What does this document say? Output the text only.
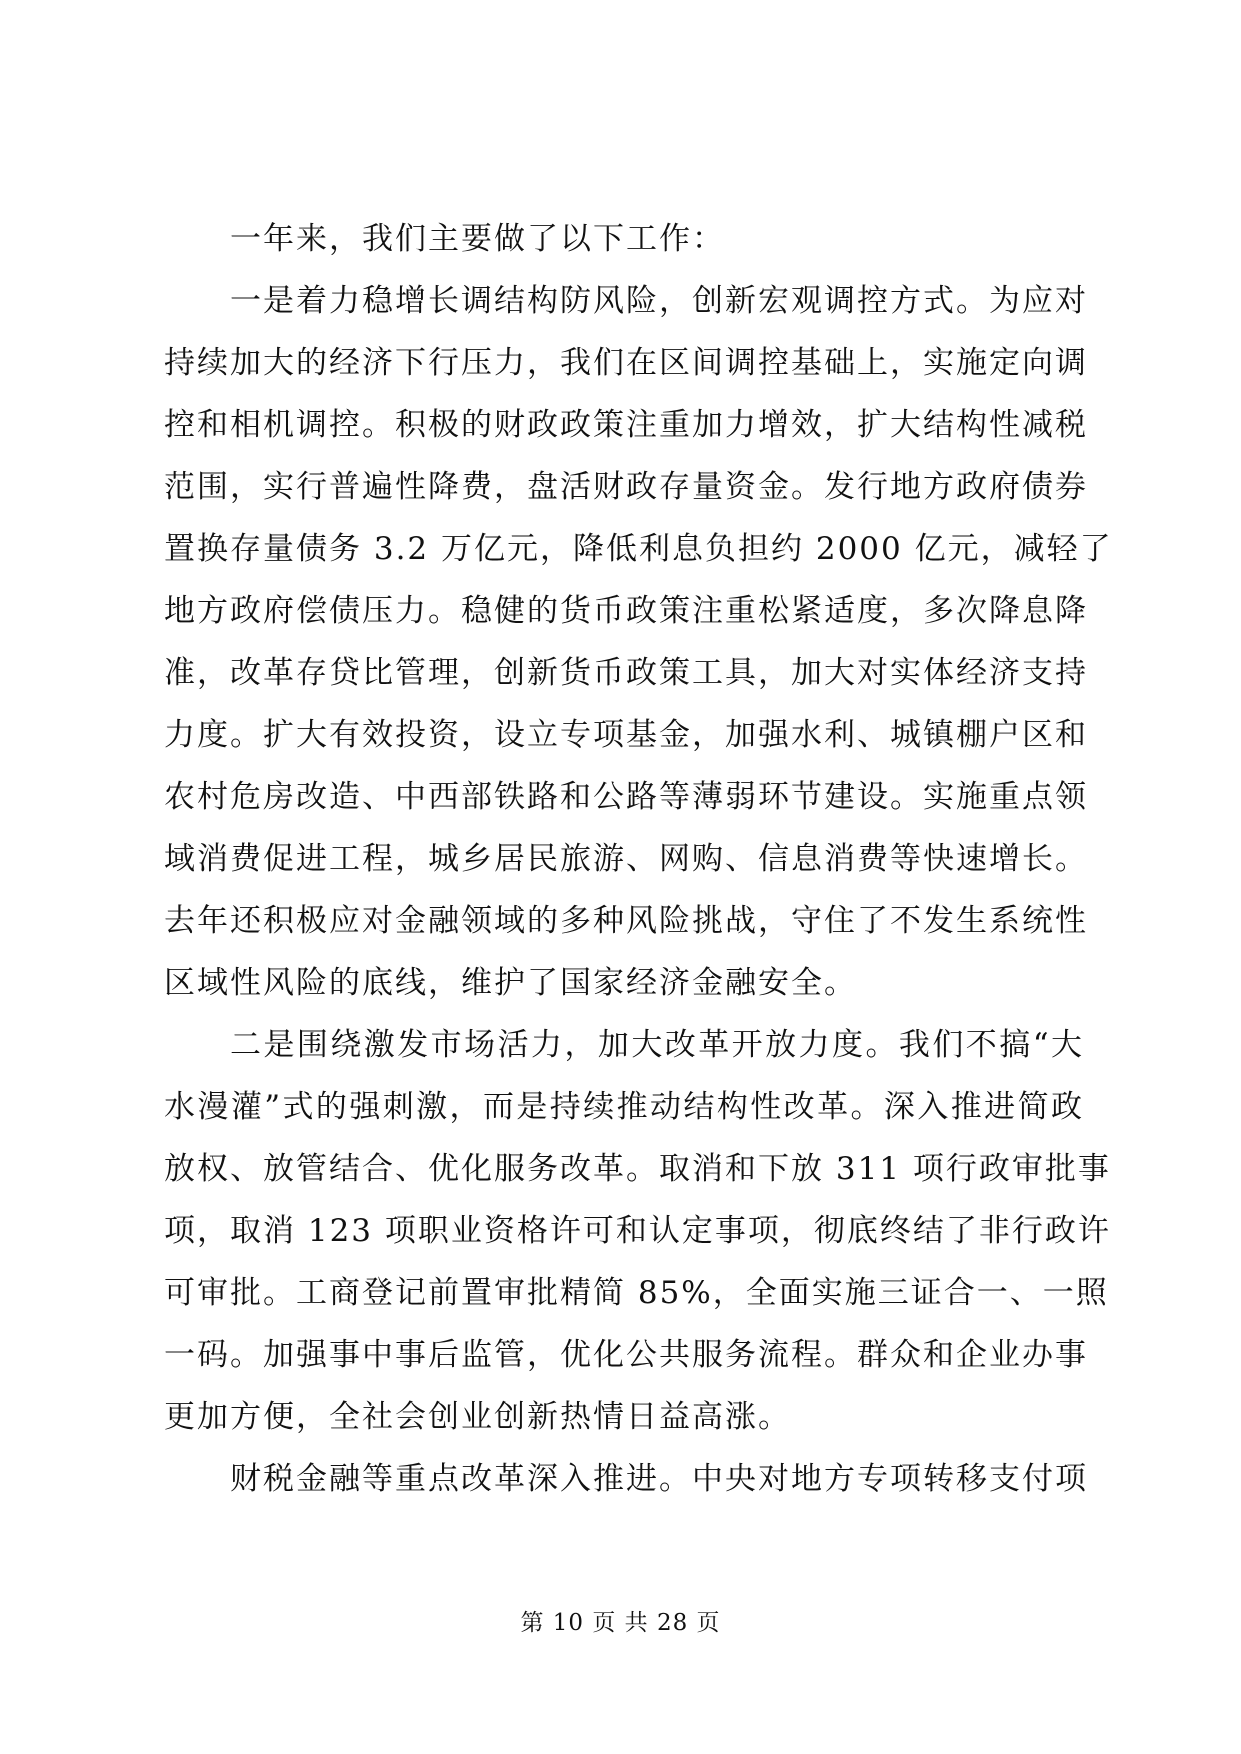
一年来，我们主要做了以下工作：
一是着力稳增长调结构防风险，创新宏观调控方式。为应对
持续加大的经济下行压力，我们在区间调控基础上，实施定向调
控和相机调控。积极的财政政策注重加力增效，扩大结构性减税
范围，实行普遍性降费，盘活财政存量资金。发行地方政府债券
置换存量债务 3.2 万亿元，降低利息负担约 2000 亿元，减轻了
地方政府偿债压力。稳健的货币政策注重松紧适度，多次降息降
准，改革存贷比管理，创新货币政策工具，加大对实体经济支持
力度。扩大有效投资，设立专项基金，加强水利、城镇棚户区和
农村危房改造、中西部铁路和公路等薄弱环节建设。实施重点领
域消费促进工程，城乡居民旅游、网购、信息消费等快速增长。
去年还积极应对金融领域的多种风险挑战，守住了不发生系统性
区域性风险的底线，维护了国家经济金融安全。
二是围绕激发市场活力，加大改革开放力度。我们不搞“大
水漫灌”式的强刺激，而是持续推动结构性改革。深入推进简政
放权、放管结合、优化服务改革。取消和下放 311 项行政审批事
项，取消 123 项职业资格许可和认定事项，彻底终结了非行政许
可审批。工商登记前置审批精简 85%，全面实施三证合一、一照
一码。加强事中事后监管，优化公共服务流程。群众和企业办事
更加方便，全社会创业创新热情日益高涨。
财税金融等重点改革深入推进。中央对地方专项转移支付项
第 10 页 共 28 页
